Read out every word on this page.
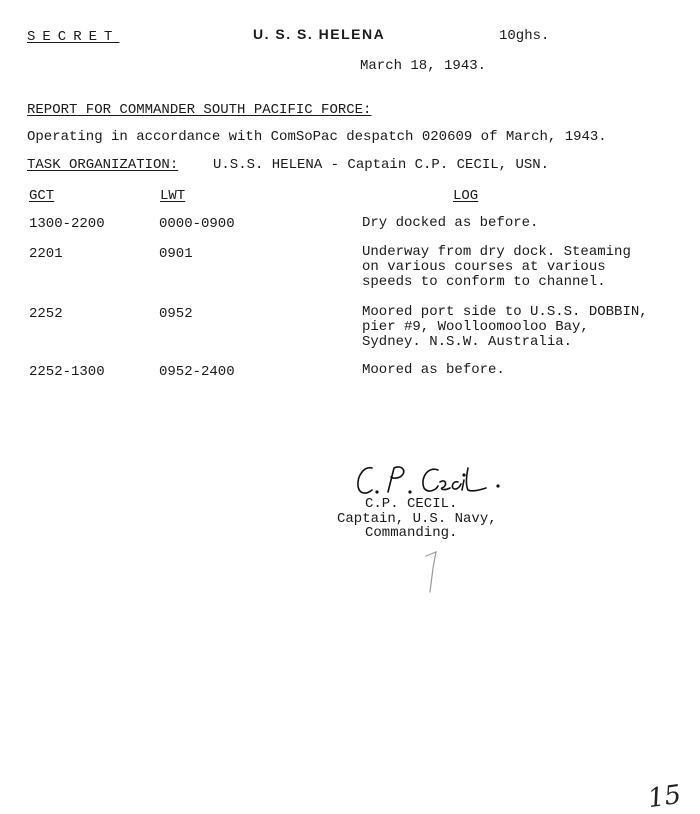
SECRET	U. S. S. HELENA	10ghs.
March 18, 1943.
REPORT FOR COMMANDER SOUTH PACIFIC FORCE:
Operating in accordance with ComSoPac despatch 020609 of March, 1943.
TASK ORGANIZATION: U.S.S. HELENA - Captain C.P. CECIL, USN.
GCT	LWT	LOG
1300-2200	0000-0900	Dry docked as before.
2201	0901	Underway from dry dock. Steaming
on various courses at various
speeds to conform to channel.
2252	0952	Moored port side to U.S.S. DOBBIN,
pier #9, Woolloomooloo Bay,
Sydney. N.S.W. Australia.
2252-1300	0952-2400	Moored as before.
C.P. CECIL.
Captain, U.S. Navy,
Commanding.
15
